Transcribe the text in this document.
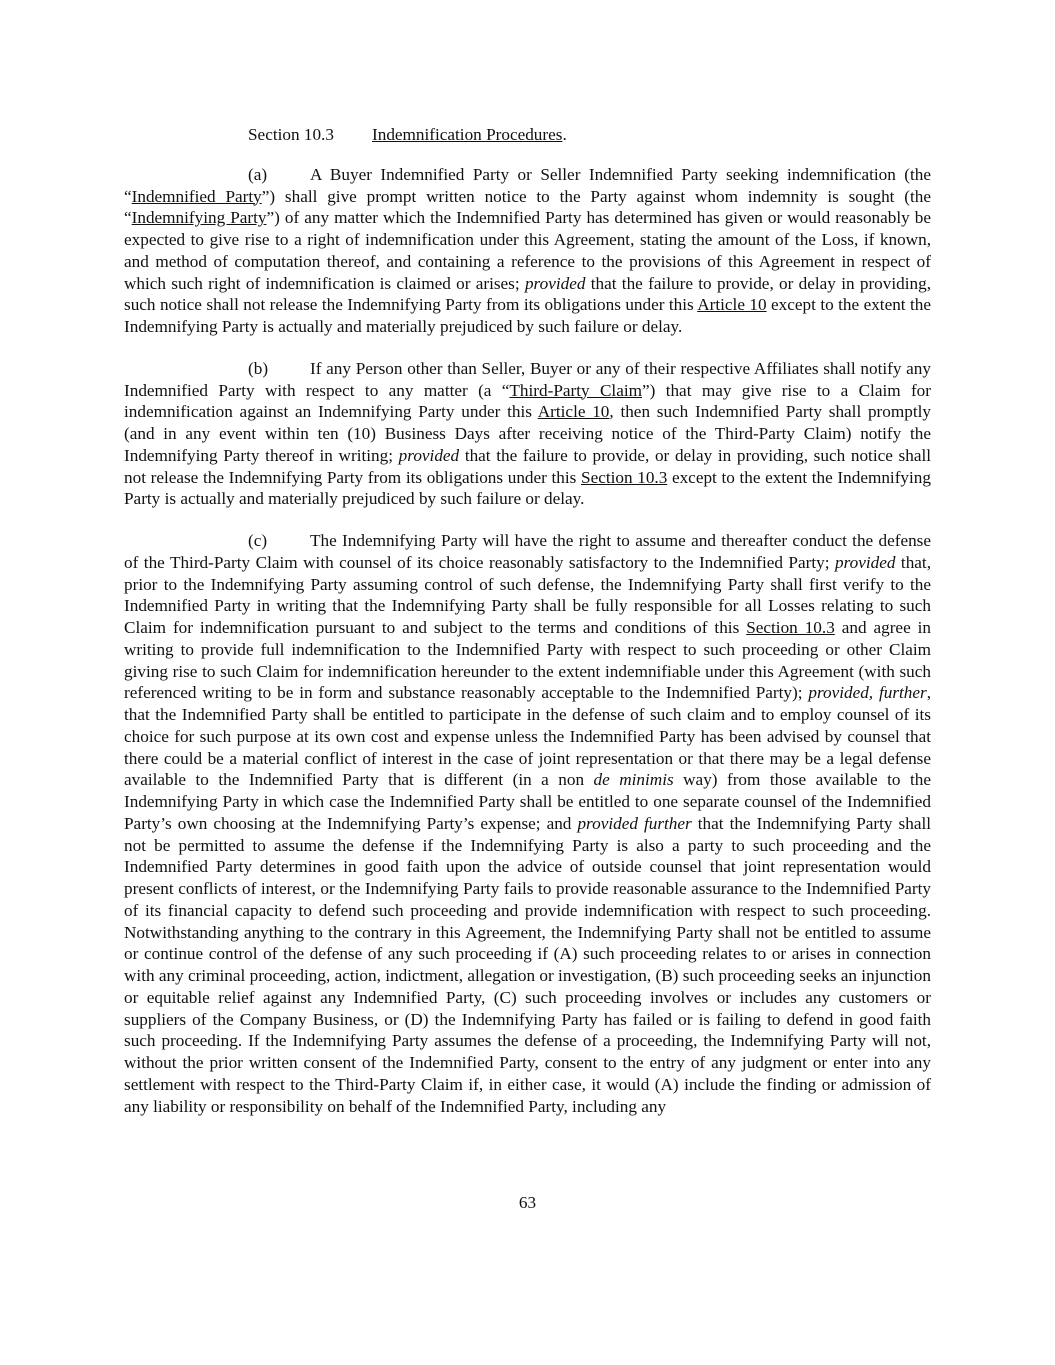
Section 10.3 Indemnification Procedures.

(a) A Buyer Indemnified Party or Seller Indemnified Party seeking indemnification (the “Indemnified Party”) shall give prompt written notice to the Party against whom indemnity is sought (the “Indemnifying Party”) of any matter which the Indemnified Party has determined has given or would reasonably be expected to give rise to a right of indemnification under this Agreement, stating the amount of the Loss, if known, and method of computation thereof, and containing a reference to the provisions of this Agreement in respect of which such right of indemnification is claimed or arises; provided that the failure to provide, or delay in providing, such notice shall not release the Indemnifying Party from its obligations under this Article 10 except to the extent the Indemnifying Party is actually and materially prejudiced by such failure or delay.

(b) If any Person other than Seller, Buyer or any of their respective Affiliates shall notify any Indemnified Party with respect to any matter (a “Third-Party Claim”) that may give rise to a Claim for indemnification against an Indemnifying Party under this Article 10, then such Indemnified Party shall promptly (and in any event within ten (10) Business Days after receiving notice of the Third-Party Claim) notify the Indemnifying Party thereof in writing; provided that the failure to provide, or delay in providing, such notice shall not release the Indemnifying Party from its obligations under this Section 10.3 except to the extent the Indemnifying Party is actually and materially prejudiced by such failure or delay.

(c) The Indemnifying Party will have the right to assume and thereafter conduct the defense of the Third-Party Claim with counsel of its choice reasonably satisfactory to the Indemnified Party; provided that, prior to the Indemnifying Party assuming control of such defense, the Indemnifying Party shall first verify to the Indemnified Party in writing that the Indemnifying Party shall be fully responsible for all Losses relating to such Claim for indemnification pursuant to and subject to the terms and conditions of this Section 10.3 and agree in writing to provide full indemnification to the Indemnified Party with respect to such proceeding or other Claim giving rise to such Claim for indemnification hereunder to the extent indemnifiable under this Agreement (with such referenced writing to be in form and substance reasonably acceptable to the Indemnified Party); provided, further, that the Indemnified Party shall be entitled to participate in the defense of such claim and to employ counsel of its choice for such purpose at its own cost and expense unless the Indemnified Party has been advised by counsel that there could be a material conflict of interest in the case of joint representation or that there may be a legal defense available to the Indemnified Party that is different (in a non de minimis way) from those available to the Indemnifying Party in which case the Indemnified Party shall be entitled to one separate counsel of the Indemnified Party’s own choosing at the Indemnifying Party’s expense; and provided further that the Indemnifying Party shall not be permitted to assume the defense if the Indemnifying Party is also a party to such proceeding and the Indemnified Party determines in good faith upon the advice of outside counsel that joint representation would present conflicts of interest, or the Indemnifying Party fails to provide reasonable assurance to the Indemnified Party of its financial capacity to defend such proceeding and provide indemnification with respect to such proceeding. Notwithstanding anything to the contrary in this Agreement, the Indemnifying Party shall not be entitled to assume or continue control of the defense of any such proceeding if (A) such proceeding relates to or arises in connection with any criminal proceeding, action, indictment, allegation or investigation, (B) such proceeding seeks an injunction or equitable relief against any Indemnified Party, (C) such proceeding involves or includes any customers or suppliers of the Company Business, or (D) the Indemnifying Party has failed or is failing to defend in good faith such proceeding. If the Indemnifying Party assumes the defense of a proceeding, the Indemnifying Party will not, without the prior written consent of the Indemnified Party, consent to the entry of any judgment or enter into any settlement with respect to the Third-Party Claim if, in either case, it would (A) include the finding or admission of any liability or responsibility on behalf of the Indemnified Party, including any

63
